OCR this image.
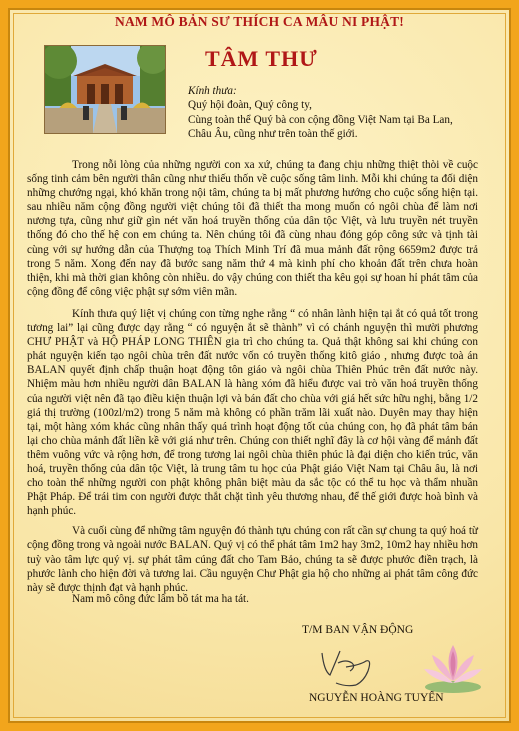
NAM MÔ BẢN SƯ THÍCH CA MÂU NI PHẬT!
TÂM THƯ
Kính thưa:
Quý hội đoàn, Quý công ty,
Cùng toàn thể Quý bà con cộng đồng Việt Nam tại Ba Lan,
Châu Âu, cũng như trên toàn thế giới.

Trong nỗi lòng của những người con xa xứ, chúng ta đang chịu những thiệt thòi về cuộc sống tinh cảm bên người thân cũng như thiếu thốn về cuộc sống tâm linh. Mỗi khi chúng ta đối diện những chướng ngại, khó khăn trong nội tâm, chúng ta bị mất phương hướng cho cuộc sống hiện tại. sau nhiều năm cộng đồng người việt chúng tôi đã thiết tha mong muốn có ngôi chùa để làm nơi nương tựa, cũng như giữ gìn nét văn hoá truyền thống của dân tộc Việt, và lưu truyền nét truyền thống đó cho thế hệ con em chúng ta. Nên chúng tôi đã cùng nhau đóng góp công sức và tịnh tài cùng với sự hướng dẫn của Thượng toạ Thích Minh Trí đã mua mảnh đất rộng 6659m2 được trả trong 5 năm. Xong đến nay đã bước sang năm thứ 4 mà kinh phí cho khoản đất trên chưa hoàn thiện, khi mà thời gian không còn nhiều. do vậy chúng con thiết tha kêu gọi sự hoan hỉ phát tâm của cộng đồng để công việc phật sự sớm viên mãn.

Kính thưa quý liệt vị chúng con từng nghe rằng “ có nhân lành hiện tại ắt có quả tốt trong tương lai” lại cũng được dạy rằng “ có nguyện ắt sẽ thành” vì có chánh nguyện thì mười phương CHƯ PHẬT và HỘ PHÁP LONG THIÊN gia trì cho chúng ta. Quả thật không sai khi chúng con phát nguyện kiến tạo ngôi chùa trên đất nước vốn có truyền thống kitô giáo , nhưng được toà án BALAN quyết định chấp thuận hoạt động tôn giáo và ngôi chùa Thiên Phúc trên đất nước này. Nhiệm màu hơn nhiều người dân BALAN là hàng xóm đã hiểu được vai trò văn hoá truyền thống của người việt nên đã tạo điều kiện thuận lợi và bán đất cho chùa với giá hết sức hữu nghị, bằng 1/2 giá thị trường (100zl/m2) trong 5 năm mà không có phần trăm lãi xuất nào. Duyên may thay hiện tại, một hàng xóm khác cũng nhân thấy quá trình hoạt động tốt của chúng con, họ đã phát tâm bán lại cho chùa mảnh đất liền kề với giá như trên. Chúng con thiết nghĩ đây là cơ hội vàng để mảnh đất thêm vuông vức và rộng hơn, để trong tương lai ngôi chùa thiên phúc là đại diện cho kiến trúc, văn hoá, truyền thống của dân tộc Việt, là trung tâm tu học của Phật giáo Việt Nam tại Châu âu, là nơi cho toàn thể những người con phật không phân biệt màu da sắc tộc có thể tu học và thẩm nhuần Phật Pháp. Để trái tim con người được thắt chặt tình yêu thương nhau, để thế giới được hoà bình và hạnh phúc.

Và cuối cùng để những tâm nguyện đó thành tựu chúng con rất cần sự chung ta quý hoá từ cộng đồng trong và ngoài nước BALAN. Quý vị có thể phát tâm 1m2 hay 3m2, 10m2 hay nhiều hơn tuỳ vào tâm lực quý vị. sự phát tâm cúng đất cho Tam Bảo, chúng ta sẽ được phước điền trạch, là phước lành cho hiện đời và tương lai. Cầu nguyện Chư Phật gia hộ cho những ai phát tâm công đức này sẽ được thịnh đạt và hạnh phúc.

Nam mô công đức lâm bồ tát ma ha tát.
T/M BAN VẬN ĐỘNG
NGUYỄN HOÀNG TUYẾN
